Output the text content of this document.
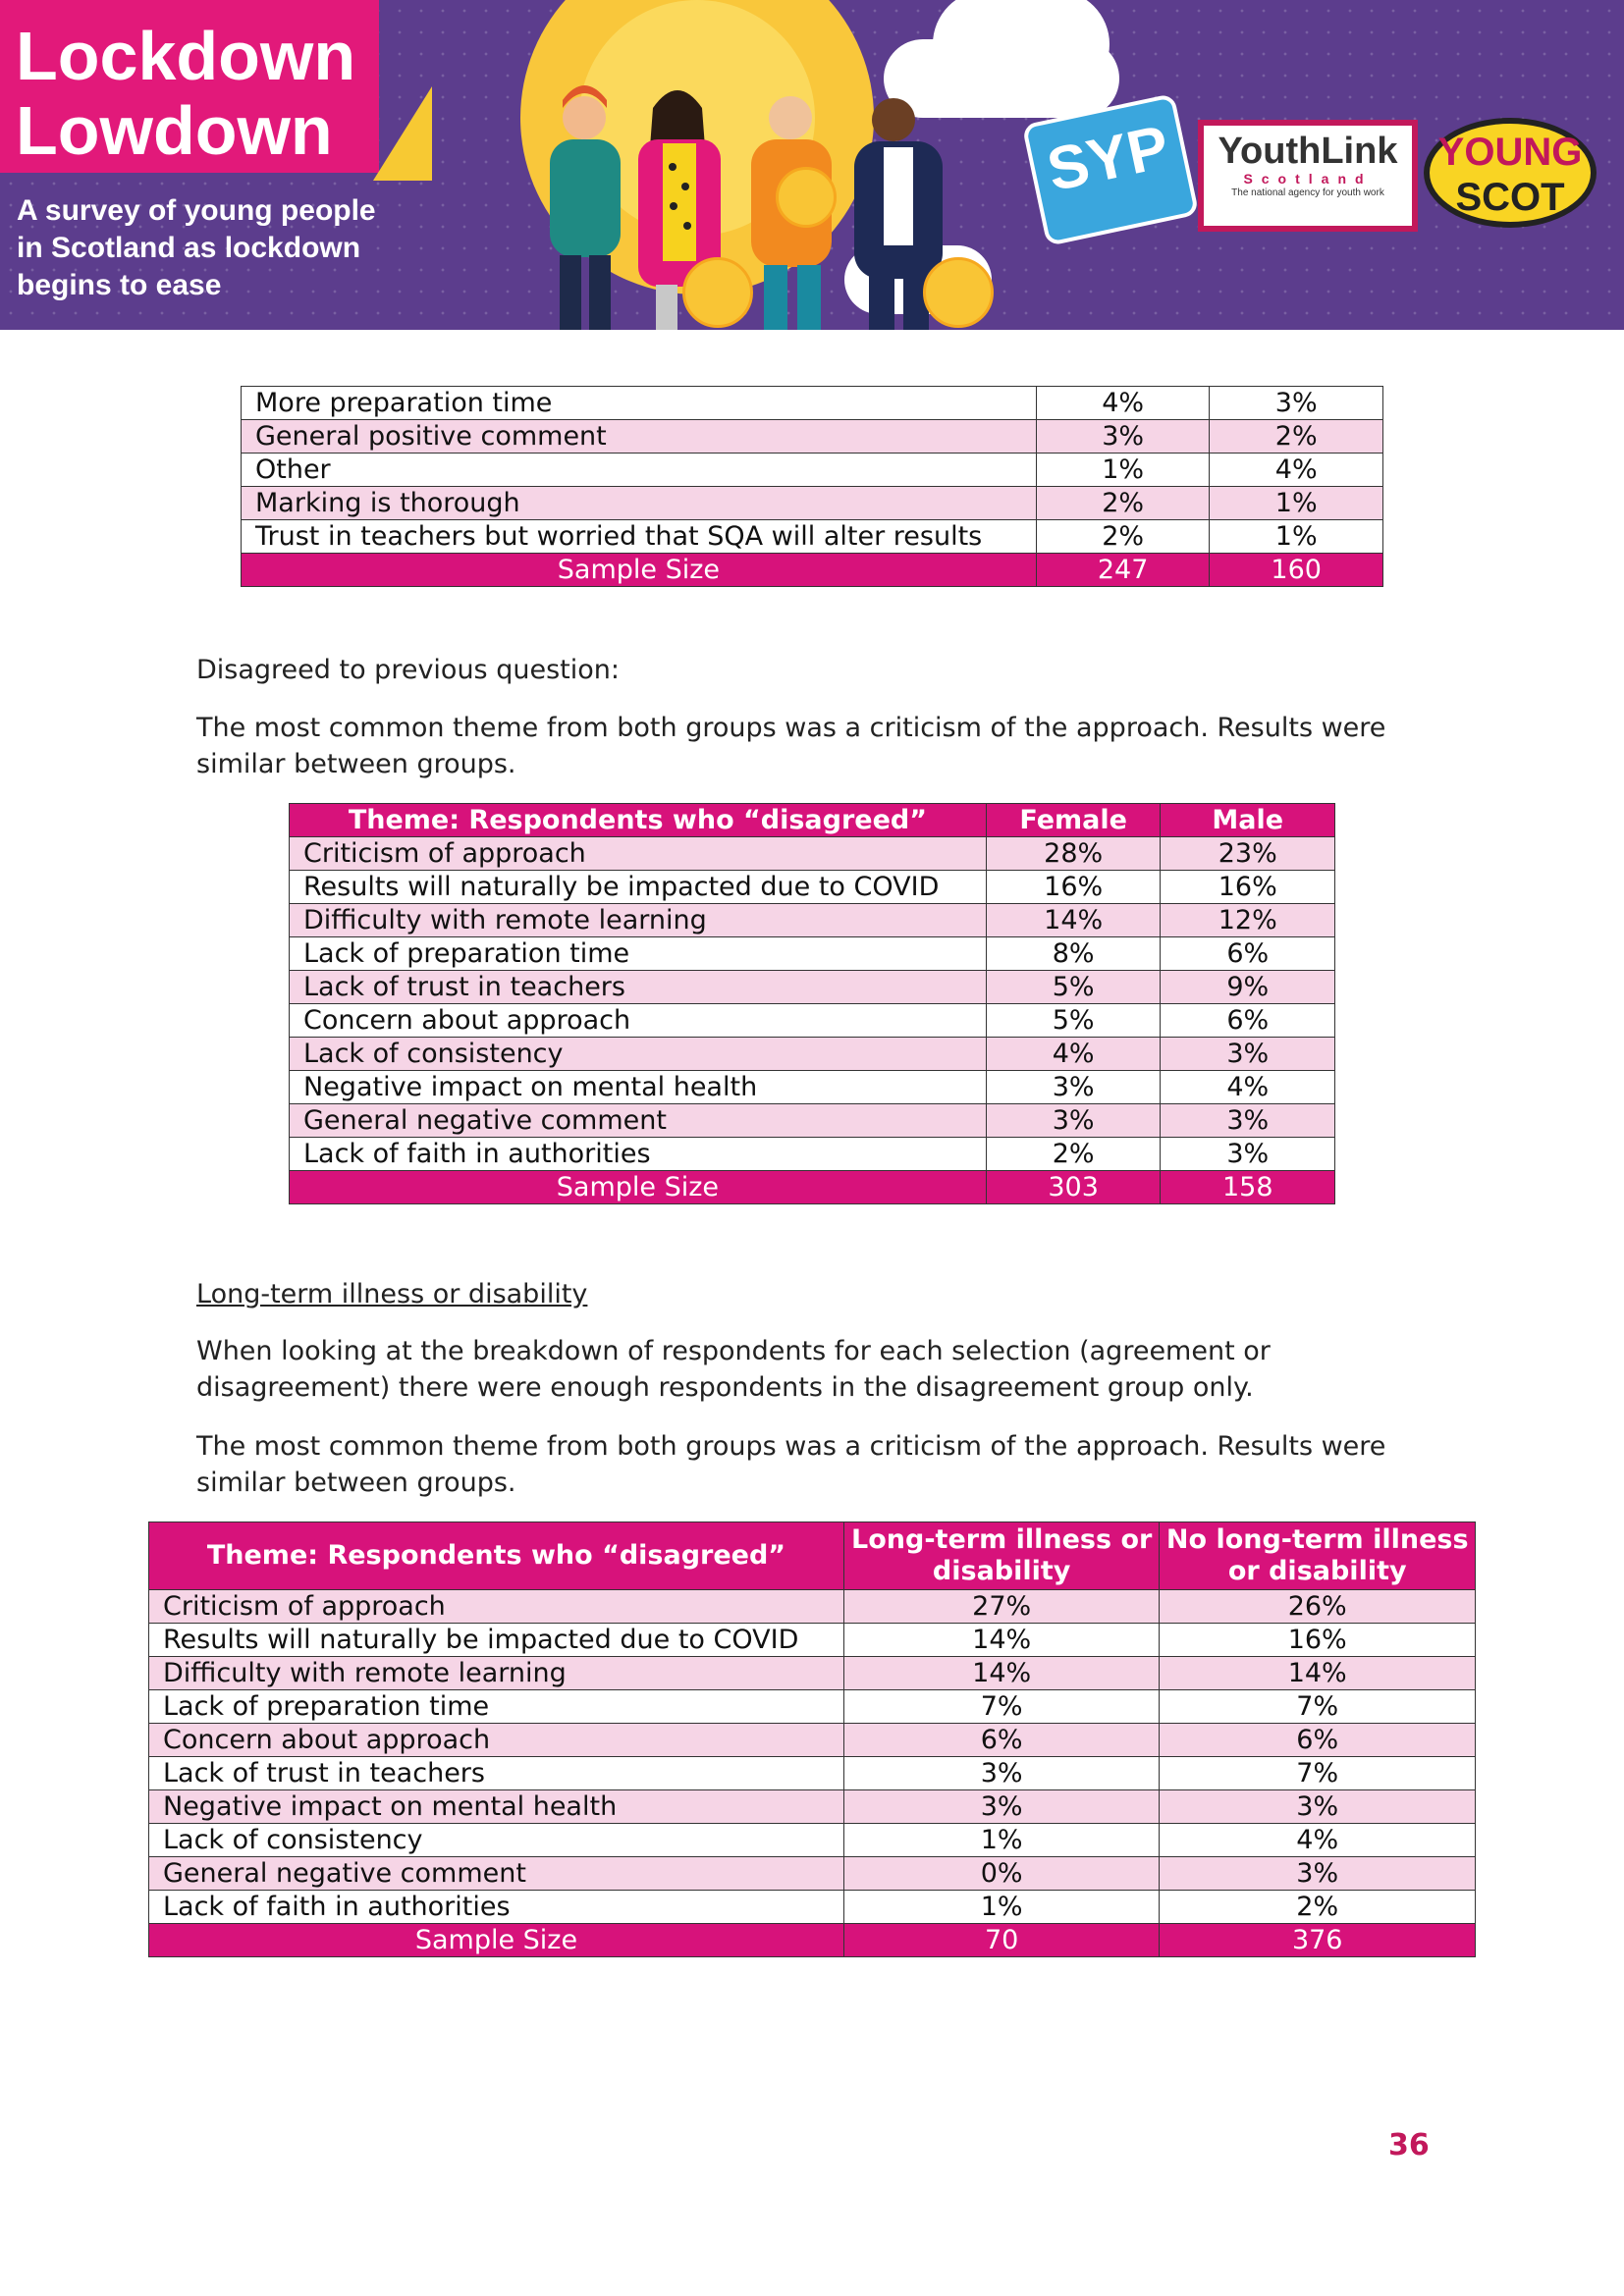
Lockdown
Lowdown
A survey of young people in Scotland as lockdown begins to ease
SYP	YouthLink
Scotland
The national agency for youth work
YOUNG
SCOT
More preparation time	4%	3%
General positive comment	3%	2%
Other	1%	4%
Marking is thorough	2%	1%
Trust in teachers but worried that SQA will alter results	2%	1%
Sample Size	247	160

Disagreed to previous question:

The most common theme from both groups was a criticism of the approach. Results were similar between groups.

Theme: Respondents who “disagreed”	Female	Male
Criticism of approach	28%	23%
Results will naturally be impacted due to COVID	16%	16%
Difficulty with remote learning	14%	12%
Lack of preparation time	8%	6%
Lack of trust in teachers	5%	9%
Concern about approach	5%	6%
Lack of consistency	4%	3%
Negative impact on mental health	3%	4%
General negative comment	3%	3%
Lack of faith in authorities	2%	3%
Sample Size	303	158

Long-term illness or disability

When looking at the breakdown of respondents for each selection (agreement or disagreement) there were enough respondents in the disagreement group only.

The most common theme from both groups was a criticism of the approach. Results were similar between groups.

Theme: Respondents who “disagreed”	Long-term illness or disability	No long-term illness or disability
Criticism of approach	27%	26%
Results will naturally be impacted due to COVID	14%	16%
Difficulty with remote learning	14%	14%
Lack of preparation time	7%	7%
Concern about approach	6%	6%
Lack of trust in teachers	3%	7%
Negative impact on mental health	3%	3%
Lack of consistency	1%	4%
General negative comment	0%	3%
Lack of faith in authorities	1%	2%
Sample Size	70	376
36
